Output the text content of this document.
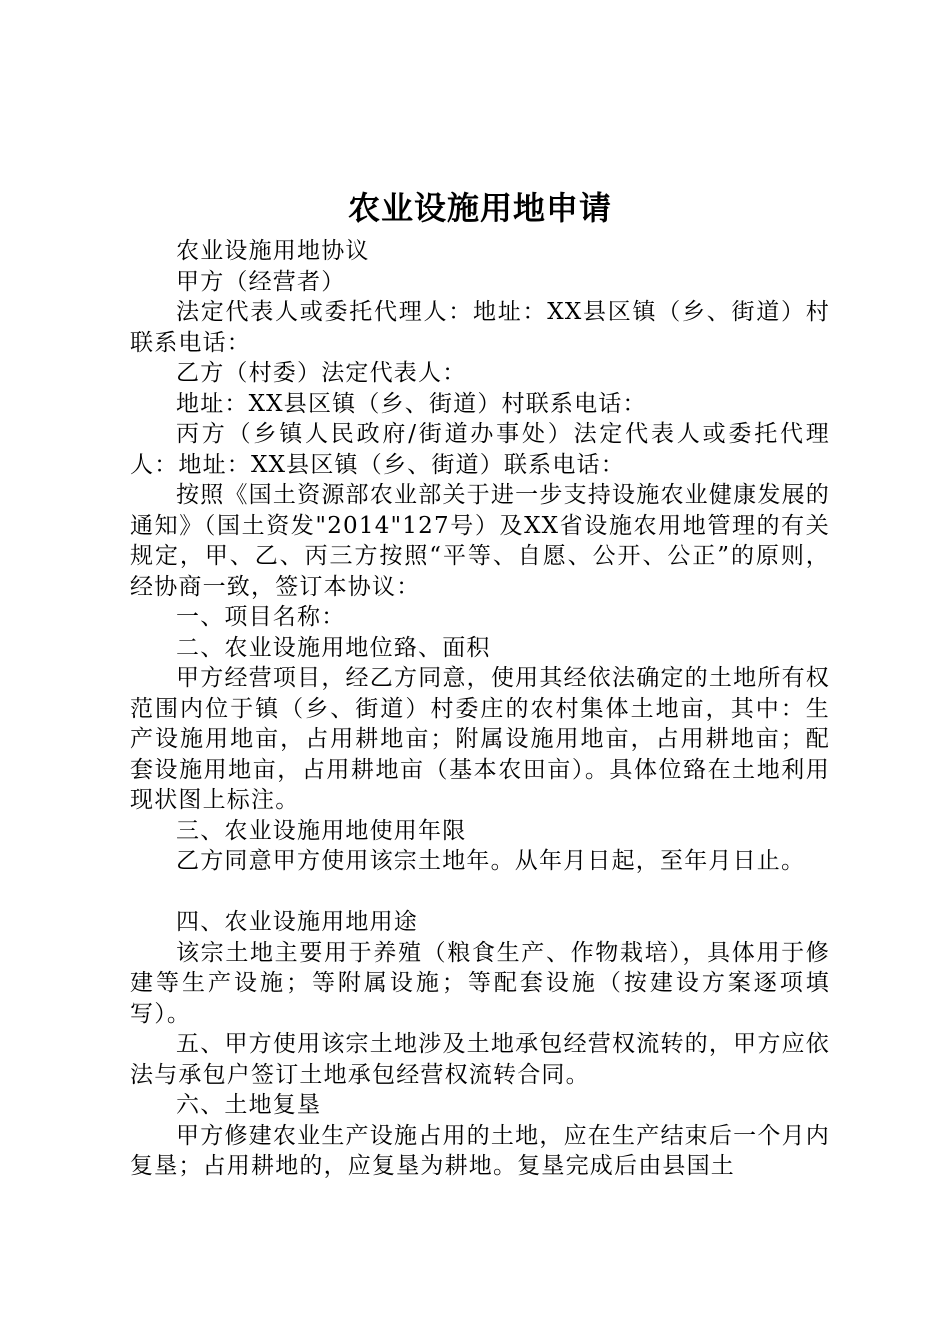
农业设施用地申请

农业设施用地协议

甲方（经营者）

法定代表人或委托代理人：地址：XX县区镇（乡、街道）村联系电话：

乙方（村委）法定代表人：

地址：XX县区镇（乡、街道）村联系电话：

丙方（乡镇人民政府/街道办事处）法定代表人或委托代理人：地址：XX县区镇（乡、街道）联系电话：

按照《国土资源部农业部关于进一步支持设施农业健康发展的通知》（国土资发"2014"127号）及XX省设施农用地管理的有关规定，甲、乙、丙三方按照“平等、自愿、公开、公正”的原则，经协商一致，签订本协议：

一、项目名称：

二、农业设施用地位臵、面积

甲方经营项目，经乙方同意，使用其经依法确定的土地所有权范围内位于镇（乡、街道）村委庄的农村集体土地亩，其中：生产设施用地亩，占用耕地亩；附属设施用地亩，占用耕地亩；配套设施用地亩，占用耕地亩（基本农田亩）。具体位臵在土地利用现状图上标注。

三、农业设施用地使用年限

乙方同意甲方使用该宗土地年。从年月日起，至年月日止。

四、农业设施用地用途

该宗土地主要用于养殖（粮食生产、作物栽培），具体用于修建等生产设施；等附属设施；等配套设施（按建设方案逐项填写）。

五、甲方使用该宗土地涉及土地承包经营权流转的，甲方应依法与承包户签订土地承包经营权流转合同。

六、土地复垦

甲方修建农业生产设施占用的土地，应在生产结束后一个月内复垦；占用耕地的，应复垦为耕地。复垦完成后由县国土
